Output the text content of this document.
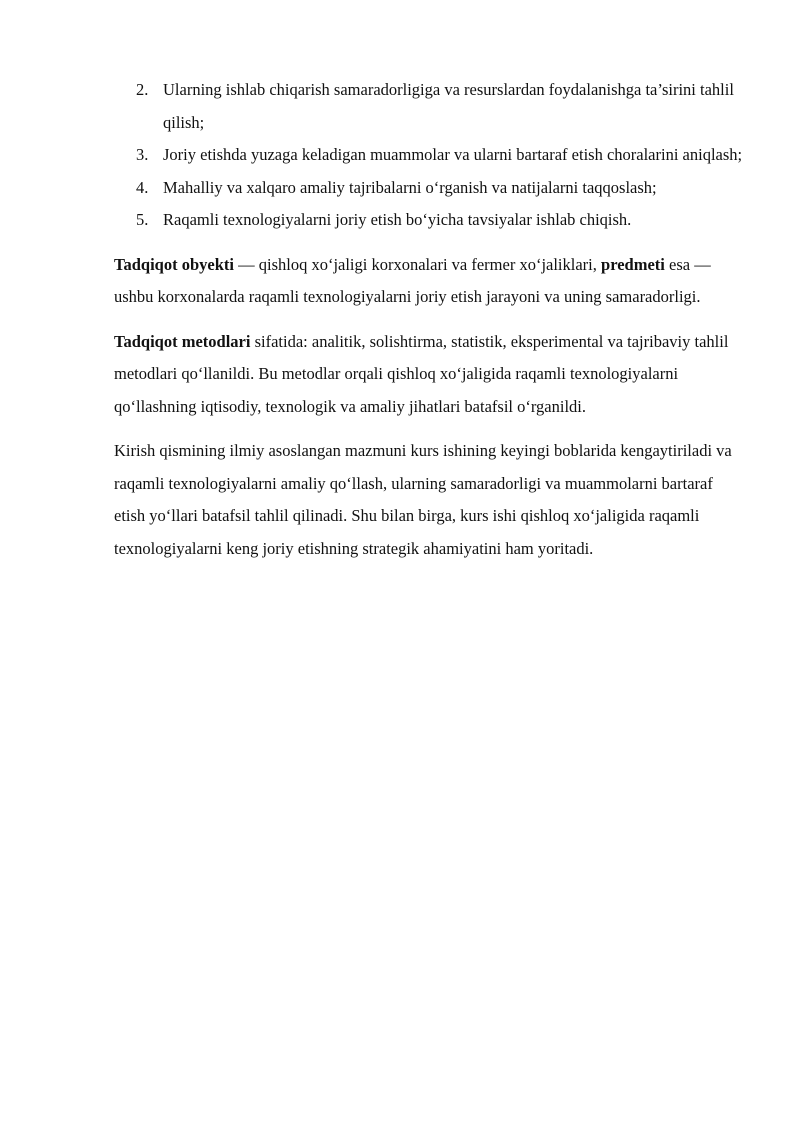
2. Ularning ishlab chiqarish samaradorligiga va resurslardan foydalanishga ta’sirini tahlil qilish;
3. Joriy etishda yuzaga keladigan muammolar va ularni bartaraf etish choralarini aniqlash;
4. Mahalliy va xalqaro amaliy tajribalarni o‘rganish va natijalarni taqqoslash;
5. Raqamli texnologiyalarni joriy etish bo‘yicha tavsiyalar ishlab chiqish.

Tadqiqot obyekti — qishloq xo‘jaligi korxonalari va fermer xo‘jaliklari, predmeti esa — ushbu korxonalarda raqamli texnologiyalarni joriy etish jarayoni va uning samaradorligi.

Tadqiqot metodlari sifatida: analitik, solishtirma, statistik, eksperimental va tajribaviy tahlil metodlari qo‘llanildi. Bu metodlar orqali qishloq xo‘jaligida raqamli texnologiyalarni qo‘llashning iqtisodiy, texnologik va amaliy jihatlari batafsil o‘rganildi.

Kirish qismining ilmiy asoslangan mazmuni kurs ishining keyingi boblarida kengaytiriladi va raqamli texnologiyalarni amaliy qo‘llash, ularning samaradorligi va muammolarni bartaraf etish yo‘llari batafsil tahlil qilinadi. Shu bilan birga, kurs ishi qishloq xo‘jaligida raqamli texnologiyalarni keng joriy etishning strategik ahamiyatini ham yoritadi.
